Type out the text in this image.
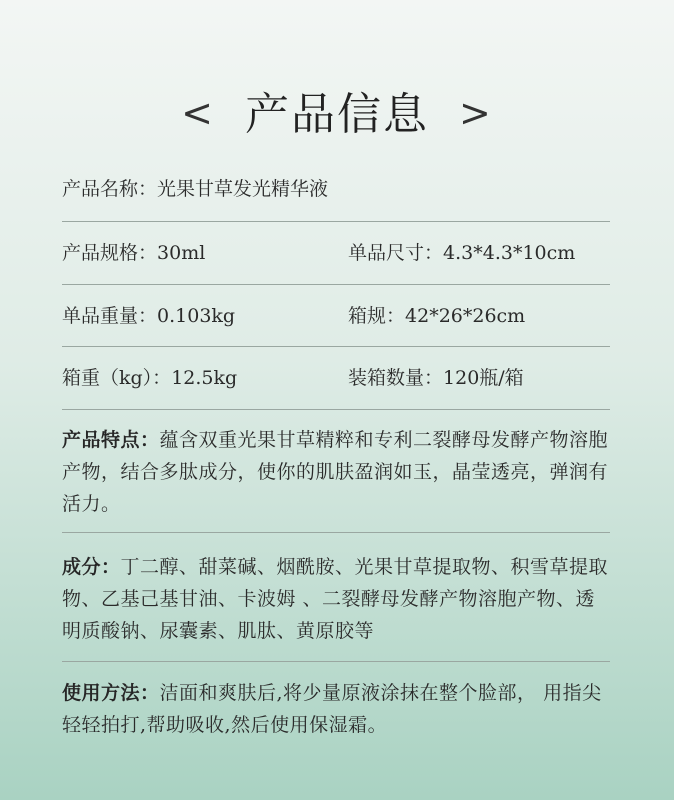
< 产品信息 >
产品名称：光果甘草发光精华液
产品规格：30ml	单品尺寸：4.3*4.3*10cm
单品重量：0.103kg	箱规：42*26*26cm
箱重（kg）：12.5kg	装箱数量：120瓶/箱
产品特点：蕴含双重光果甘草精粹和专利二裂酵母发酵产物溶胞产物，结合多肽成分，使你的肌肤盈润如玉，晶莹透亮，弹润有活力。
成分：丁二醇、甜菜碱、烟酰胺、光果甘草提取物、积雪草提取物、乙基己基甘油、卡波姆 、二裂酵母发酵产物溶胞产物、透明质酸钠、尿囊素、肌肽、黄原胶等
使用方法：洁面和爽肤后,将少量原液涂抹在整个脸部， 用指尖轻轻拍打,帮助吸收,然后使用保湿霜。
